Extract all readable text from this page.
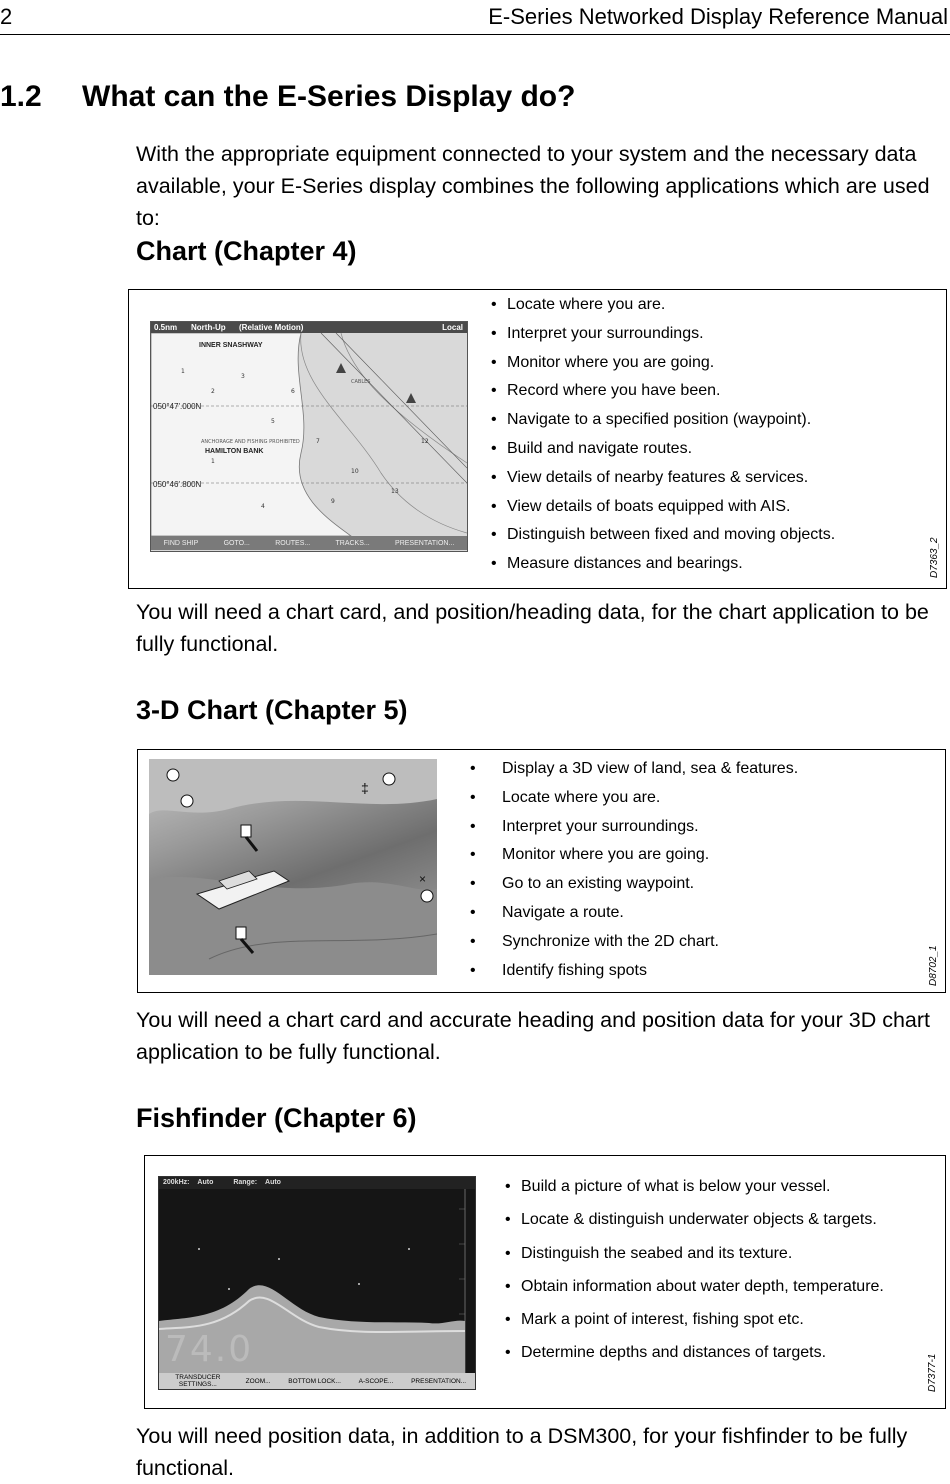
2	E-Series Networked Display Reference Manual
1.2 What can the E-Series Display do?
With the appropriate equipment connected to your system and the necessary data available, your E-Series display combines the following applications which are used to:
Chart (Chapter 4)
0.5nm North-Up (Relative Motion)	Local
1
2
3
5
7
10
13
9
4
12
1
6
ANCHORAGE AND FISHING PROHIBITED
CABLES
INNER SNASHWAY
HAMILTON BANK
050°47'.000N
050°46'.800N
FIND SHIP	GOTO...	ROUTES...	TRACKS...	PRESENTATION...
• Locate where you are.
• Interpret your surroundings.
• Monitor where you are going.
• Record where you have been.
• Navigate to a specified position (waypoint).
• Build and navigate routes.
• View details of nearby features & services.
• View details of boats equipped with AIS.
• Distinguish between fixed and moving objects.
• Measure distances and bearings.	D7363_2
You will need a chart card, and position/heading data, for the chart application to be fully functional.
3-D Chart (Chapter 5)
×
‡
• Display a 3D view of land, sea & features.
• Locate where you are.
• Interpret your surroundings.
• Monitor where you are going.
• Go to an existing waypoint.
• Navigate a route.
• Synchronize with the 2D chart.
• Identify fishing spots	D8702_1
You will need a chart card and accurate heading and position data for your 3D chart application to be fully functional.
Fishfinder (Chapter 6)
200kHz: Auto	Range: Auto
74.0
TRANSDUCER SETTINGS...	ZOOM...	BOTTOM LOCK...	A-SCOPE...	PRESENTATION...
• Build a picture of what is below your vessel.
• Locate & distinguish underwater objects & targets.
• Distinguish the seabed and its texture.
• Obtain information about water depth, temperature.
• Mark a point of interest, fishing spot etc.
• Determine depths and distances of targets.
D7377-1
You will need position data, in addition to a DSM300, for your fishfinder to be fully functional.
